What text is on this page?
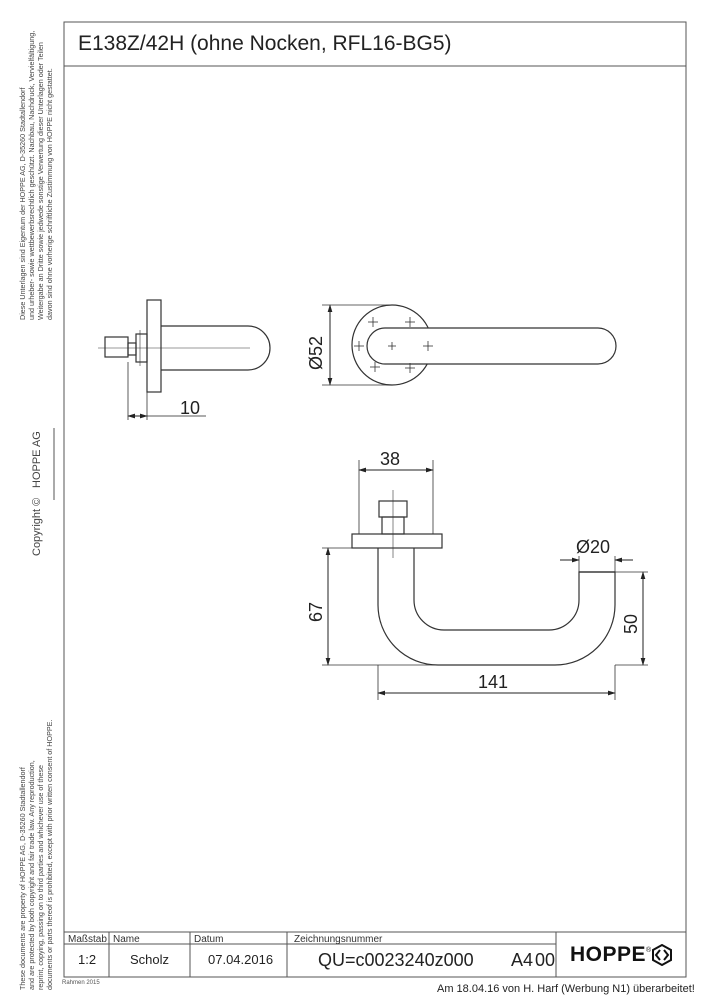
E138Z/42H (ohne Nocken, RFL16-BG5)
Diese Unterlagen sind Eigentum der HOPPE AG, D-35260 Stadtallendorf und urheber- sowie wettbewerbsrechtlich geschützt. Nachbau, Nachdruck, Vervielfältigung, Weitergabe an Dritte sowie jedwede sonstige Verwertung dieser Unterlagen oder Teilen davon sind ohne vorherige schriftliche Zustimmung von HOPPE nicht gestattet.
Copyright ©
HOPPE AG
These documents are property of HOPPE AG, D-35260 Stadtallendorf and are protected by both copyright and fair trade law. Any reproduction, reprint, copying, passing on to third parties and whichever use of these documents or parts thereof is prohibited, except with prior written consent of HOPPE. Rahmen 2015
10
Ø52
38
Ø20
67
50
141
Maßstab
1:2
Name
Scholz
Datum
07.04.2016
Zeichnungsnummer
QU=c0023240z000 A4 00 HOPPE ®
Am 18.04.16 von H. Harf (Werbung N1) überarbeitet!
